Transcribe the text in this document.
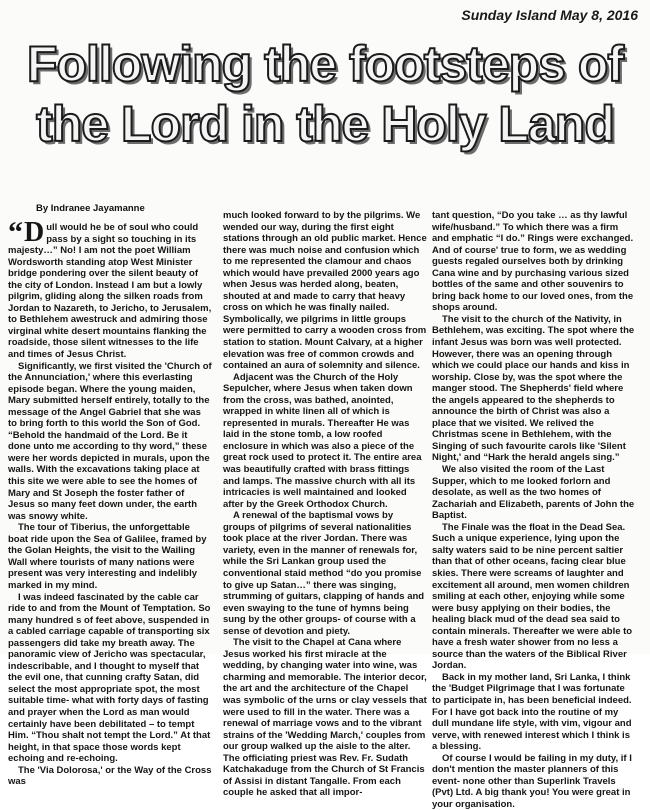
Sunday Island May 8, 2016
Following the footsteps of
the Lord in the Holy Land
By Indranee Jayamanne
“ D ull would he be of soul who could pass by a sight so touching in its majesty…” No! I am not the poet William Wordsworth standing atop West Minister bridge pondering over the silent beauty of the city of London. Instead I am but a lowly pilgrim, gliding along the silken roads from Jordan to Nazareth, to Jericho, to Jerusalem, to Bethlehem awestruck and admiring those virginal white desert mountains flanking the roadside, those silent witnesses to the life and times of Jesus Christ.
Significantly, we first visited the 'Church of the Annunciation,' where this everlasting episode began. Where the young maiden, Mary submitted herself entirely, totally to the message of the Angel Gabriel that she was to bring forth to this world the Son of God. “Behold the handmaid of the Lord. Be it done unto me according to thy word,” these were her words depicted in murals, upon the walls. With the excavations taking place at this site we were able to see the homes of Mary and St Joseph the foster father of Jesus so many feet down under, the earth was snowy white.
The tour of Tiberius, the unforgettable boat ride upon the Sea of Galilee, framed by the Golan Heights, the visit to the Wailing Wall where tourists of many nations were present was very interesting and indelibly marked in my mind.
I was indeed fascinated by the cable car ride to and from the Mount of Temptation. So many hundred s of feet above, suspended in a cabled carriage capable of transporting six passengers did take my breath away. The panoramic view of Jericho was spectacular, indescribable, and I thought to myself that the evil one, that cunning crafty Satan, did select the most appropriate spot, the most suitable time- what with forty days of fasting and prayer when the Lord as man would certainly have been debilitated – to tempt Him. “Thou shalt not tempt the Lord.” At that height, in that space those words kept echoing and re-echoing.
The 'Via Dolorosa,' or the Way of the Cross was
much looked forward to by the pilgrims. We wended our way, during the first eight stations through an old public market. Hence there was much noise and confusion which to me represented the clamour and chaos which would have prevailed 2000 years ago when Jesus was herded along, beaten, shouted at and made to carry that heavy cross on which he was finally nailed. Symbolically, we pilgrims in little groups were permitted to carry a wooden cross from station to station. Mount Calvary, at a higher elevation was free of common crowds and contained an aura of solemnity and silence.
Adjacent was the Church of the Holy Sepulcher, where Jesus when taken down from the cross, was bathed, anointed, wrapped in white linen all of which is represented in murals. Thereafter He was laid in the stone tomb, a low roofed enclosure in which was also a piece of the great rock used to protect it. The entire area was beautifully crafted with brass fittings and lamps. The massive church with all its intricacies is well maintained and looked after by the Greek Orthodox Church.
A renewal of the baptismal vows by groups of pilgrims of several nationalities took place at the river Jordan. There was variety, even in the manner of renewals for, while the Sri Lankan group used the conventional staid method “do you promise to give up Satan…” there was singing, strumming of guitars, clapping of hands and even swaying to the tune of hymns being sung by the other groups- of course with a sense of devotion and piety.
The visit to the Chapel at Cana where Jesus worked his first miracle at the wedding, by changing water into wine, was charming and memorable. The interior decor, the art and the architecture of the Chapel was symbolic of the urns or clay vessels that were used to fill in the water. There was a renewal of marriage vows and to the vibrant strains of the 'Wedding March,' couples from our group walked up the aisle to the alter. The officiating priest was Rev. Fr. Sudath Katchakaduge from the Church of St Francis of Assisi in distant Tangalle. From each couple he asked that all impor-
tant question, “Do you take … as thy lawful wife/husband.” To which there was a firm and emphatic “I do.” Rings were exchanged. And of course' true to form, we as wedding guests regaled ourselves both by drinking Cana wine and by purchasing various sized bottles of the same and other souvenirs to bring back home to our loved ones, from the shops around.
The visit to the church of the Nativity, in Bethlehem, was exciting. The spot where the infant Jesus was born was well protected. However, there was an opening through which we could place our hands and kiss in worship. Close by, was the spot where the manger stood. The Shepherds' field where the angels appeared to the shepherds to announce the birth of Christ was also a place that we visited. We relived the Christmas scene in Bethlehem, with the Singing of such favourite carols like 'Silent Night,' and “Hark the herald angels sing.”
We also visited the room of the Last Supper, which to me looked forlorn and desolate, as well as the two homes of Zachariah and Elizabeth, parents of John the Baptist.
The Finale was the float in the Dead Sea. Such a unique experience, lying upon the salty waters said to be nine percent saltier than that of other oceans, facing clear blue skies. There were screams of laughter and excitement all around, men women children smiling at each other, enjoying while some were busy applying on their bodies, the healing black mud of the dead sea said to contain minerals. Thereafter we were able to have a fresh water shower from no less a source than the waters of the Biblical River Jordan.
Back in my mother land, Sri Lanka, I think the 'Budget Pilgrimage that I was fortunate to participate in, has been beneficial indeed. For I have got back into the routine of my dull mundane life style, with vim, vigour and verve, with renewed interest which I think is a blessing.
Of course I would be failing in my duty, if I don't mention the master planners of this event- none other than Superlink Travels (Pvt) Ltd. A big thank you! You were great in your organisation.
